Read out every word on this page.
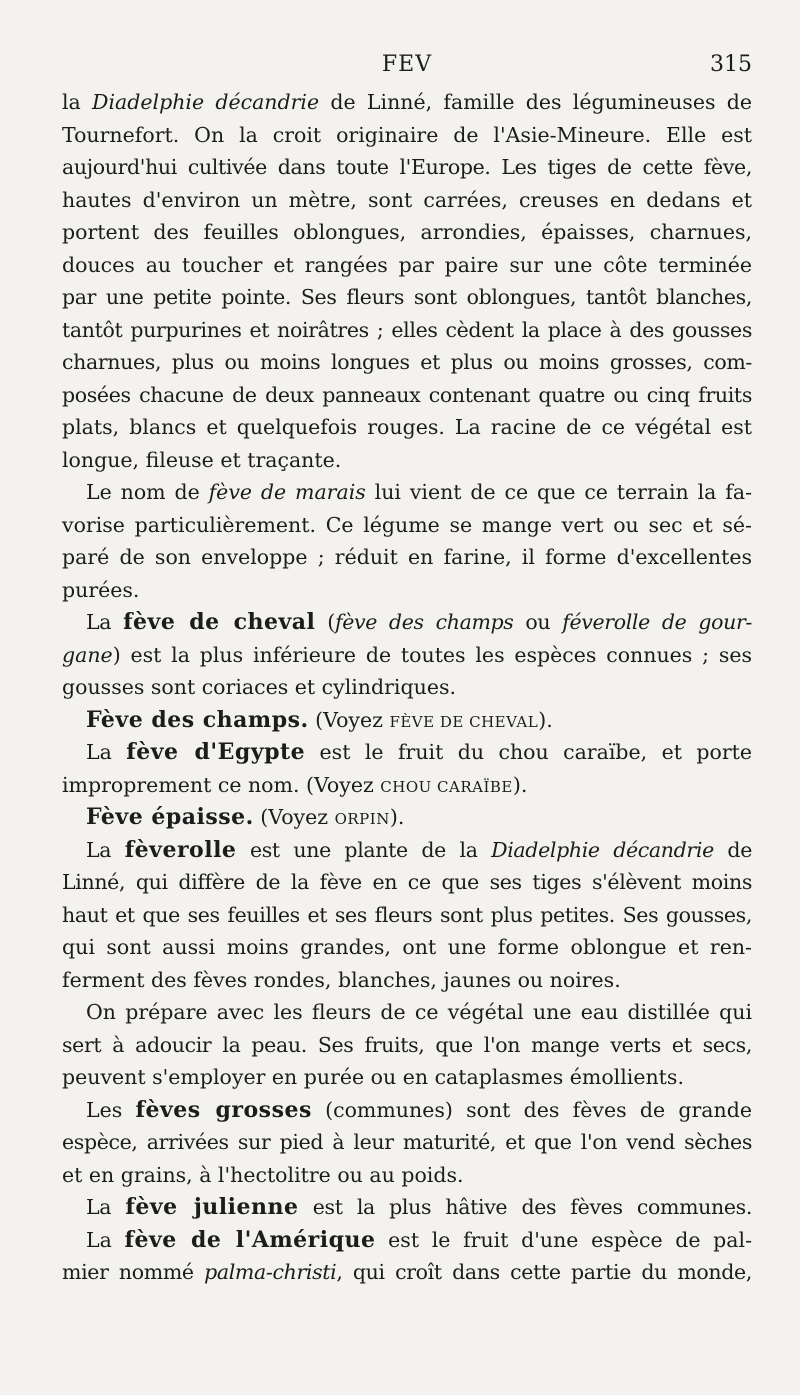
FEV	315
la Diadelphie décandrie de Linné, famille des légumineuses de
Tournefort. On la croit originaire de l'Asie-Mineure. Elle est
aujourd'hui cultivée dans toute l'Europe. Les tiges de cette fève,
hautes d'environ un mètre, sont carrées, creuses en dedans et
portent des feuilles oblongues, arrondies, épaisses, charnues,
douces au toucher et rangées par paire sur une côte terminée
par une petite pointe. Ses fleurs sont oblongues, tantôt blanches,
tantôt purpurines et noirâtres ; elles cèdent la place à des gousses
charnues, plus ou moins longues et plus ou moins grosses, com-
posées chacune de deux panneaux contenant quatre ou cinq fruits
plats, blancs et quelquefois rouges. La racine de ce végétal est
longue, fileuse et traçante.
Le nom de fève de marais lui vient de ce que ce terrain la fa-
vorise particulièrement. Ce légume se mange vert ou sec et sé-
paré de son enveloppe ; réduit en farine, il forme d'excellentes
purées.
La fève de cheval (fève des champs ou féverolle de gour-
gane) est la plus inférieure de toutes les espèces connues ; ses
gousses sont coriaces et cylindriques.
Fève des champs. (Voyez FÈVE DE CHEVAL).
La fève d'Egypte est le fruit du chou caraïbe, et porte
improprement ce nom. (Voyez CHOU CARAÏBE).
Fève épaisse. (Voyez ORPIN).
La fèverolle est une plante de la Diadelphie décandrie de
Linné, qui diffère de la fève en ce que ses tiges s'élèvent moins
haut et que ses feuilles et ses fleurs sont plus petites. Ses gousses,
qui sont aussi moins grandes, ont une forme oblongue et ren-
ferment des fèves rondes, blanches, jaunes ou noires.
On prépare avec les fleurs de ce végétal une eau distillée qui
sert à adoucir la peau. Ses fruits, que l'on mange verts et secs,
peuvent s'employer en purée ou en cataplasmes émollients.
Les fèves grosses (communes) sont des fèves de grande
espèce, arrivées sur pied à leur maturité, et que l'on vend sèches
et en grains, à l'hectolitre ou au poids.
La fève julienne est la plus hâtive des fèves communes.
La fève de l'Amérique est le fruit d'une espèce de pal-
mier nommé palma-christi, qui croît dans cette partie du monde,
